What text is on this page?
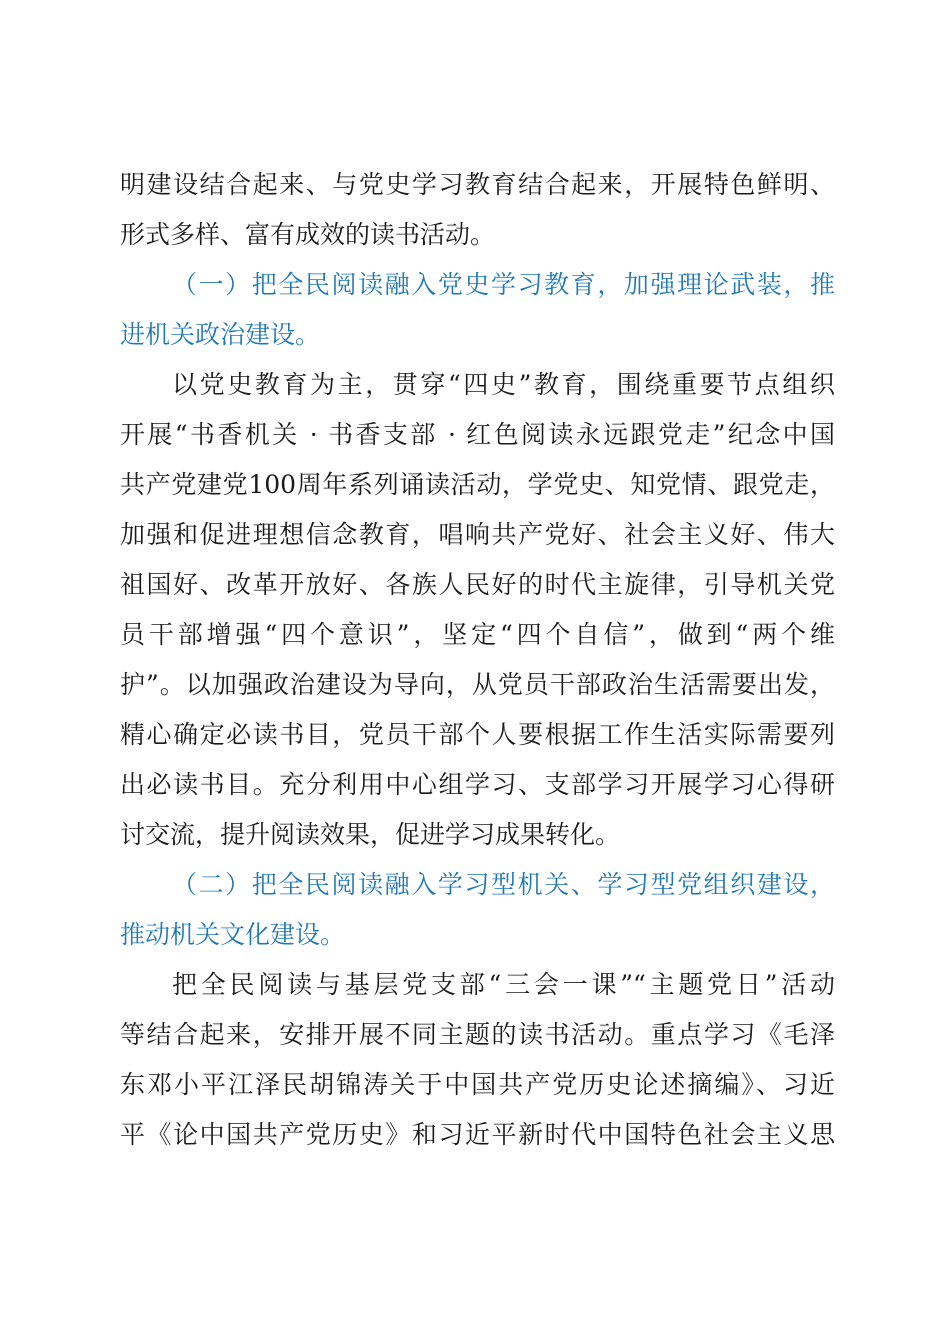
明建设结合起来、与党史学习教育结合起来，开展特色鲜明、
形式多样、富有成效的读书活动。
（一）把全民阅读融入党史学习教育，加强理论武装，推
进机关政治建设。
以党史教育为主，贯穿“四史”教育，围绕重要节点组织
开展“书香机关 · 书香支部 · 红色阅读永远跟党走”纪念中国
共产党建党100周年系列诵读活动，学党史、知党情、跟党走，
加强和促进理想信念教育，唱响共产党好、社会主义好、伟大
祖国好、改革开放好、各族人民好的时代主旋律，引导机关党
员干部增强“四个意识”，坚定“四个自信”，做到“两个维
护”。以加强政治建设为导向，从党员干部政治生活需要出发，
精心确定必读书目，党员干部个人要根据工作生活实际需要列
出必读书目。充分利用中心组学习、支部学习开展学习心得研
讨交流，提升阅读效果，促进学习成果转化。
（二）把全民阅读融入学习型机关、学习型党组织建设，
推动机关文化建设。
把全民阅读与基层党支部“三会一课”“主题党日”活动
等结合起来，安排开展不同主题的读书活动。重点学习《毛泽
东邓小平江泽民胡锦涛关于中国共产党历史论述摘编》、习近
平《论中国共产党历史》和习近平新时代中国特色社会主义思
